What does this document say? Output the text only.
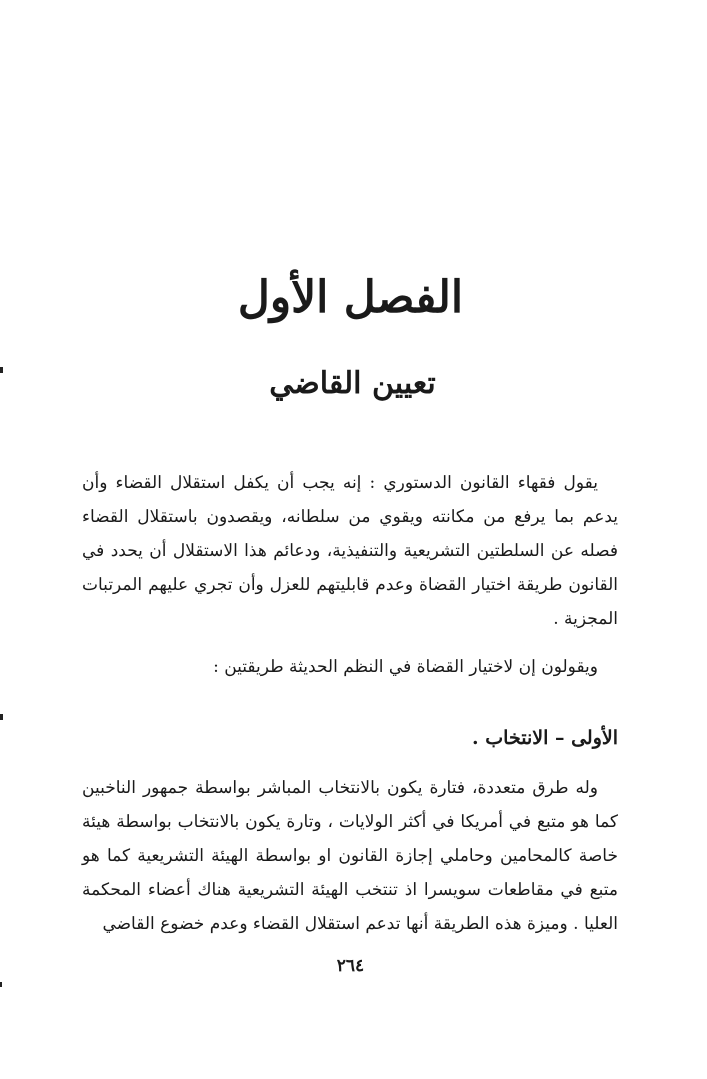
الفصل الأول
تعيين القاضي

يقول فقهاء القانون الدستوري : إنه يجب أن يكفل استقلال القضاء وأن يدعم بما يرفع من مكانته ويقوي من سلطانه، ويقصدون باستقلال القضاء فصله عن السلطتين التشريعية والتنفيذية، ودعائم هذا الاستقلال أن يحدد في القانون طريقة اختيار القضاة وعدم قابليتهم للعزل وأن تجري عليهم المرتبات المجزية .

ويقولون إن لاختيار القضاة في النظم الحديثة طريقتين :

الأولى – الانتخاب .

وله طرق متعددة، فتارة يكون بالانتخاب المباشر بواسطة جمهور الناخبين كما هو متبع في أمريكا في أكثر الولايات ، وتارة يكون بالانتخاب بواسطة هيئة خاصة كالمحامين وحاملي إجازة القانون او بواسطة الهيئة التشريعية كما هو متبع في مقاطعات سويسرا اذ تنتخب الهيئة التشريعية هناك أعضاء المحكمة العليا . وميزة هذه الطريقة أنها تدعم استقلال القضاء وعدم خضوع القاضي

٢٦٤
